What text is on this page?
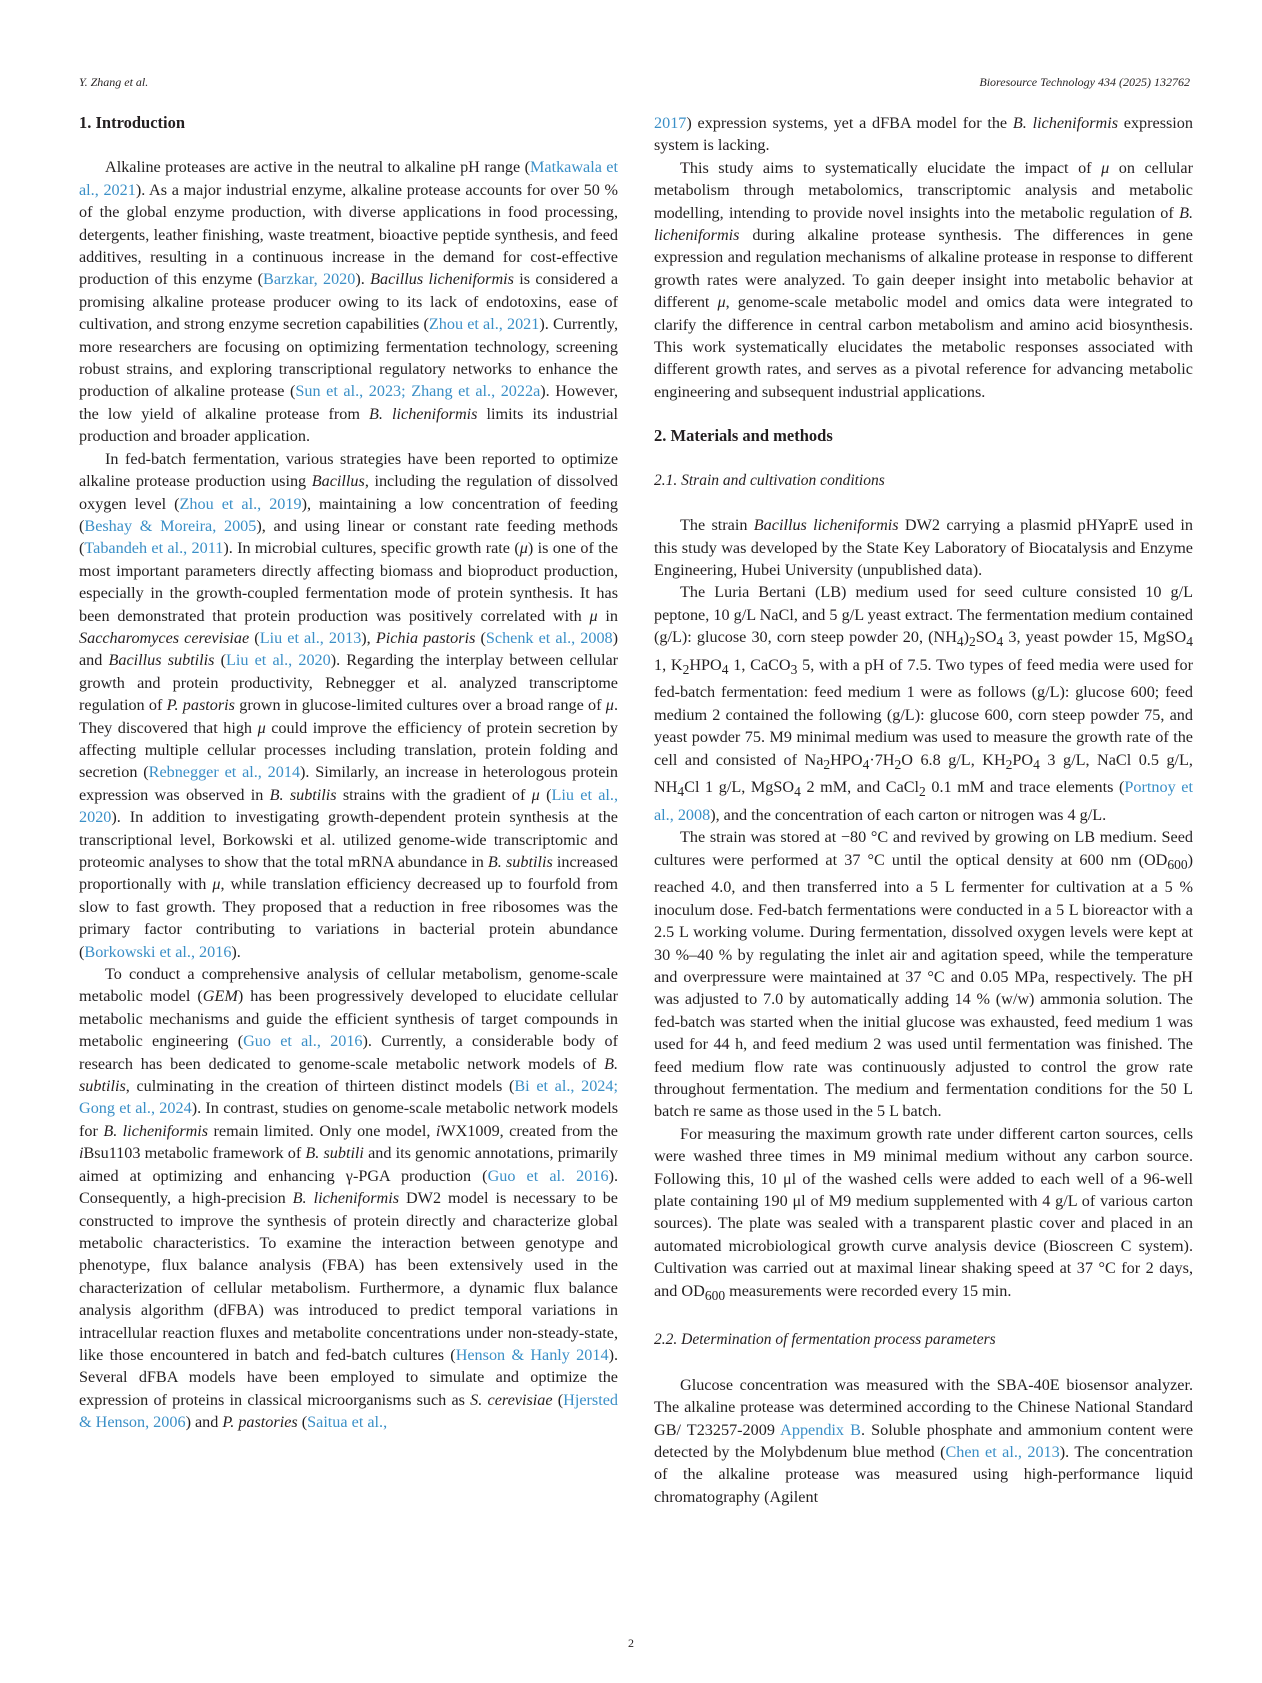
Y. Zhang et al.	Bioresource Technology 434 (2025) 132762
1. Introduction

Alkaline proteases are active in the neutral to alkaline pH range (Matkawala et al., 2021). As a major industrial enzyme, alkaline protease accounts for over 50 % of the global enzyme production, with diverse applications in food processing, detergents, leather finishing, waste treatment, bioactive peptide synthesis, and feed additives, resulting in a continuous increase in the demand for cost-effective production of this enzyme (Barzkar, 2020). Bacillus licheniformis is considered a promising alkaline protease producer owing to its lack of endotoxins, ease of cultivation, and strong enzyme secretion capabilities (Zhou et al., 2021). Currently, more researchers are focusing on optimizing fermentation technology, screening robust strains, and exploring transcriptional regulatory networks to enhance the production of alkaline protease (Sun et al., 2023; Zhang et al., 2022a). However, the low yield of alkaline protease from B. licheniformis limits its industrial production and broader application.

In fed-batch fermentation, various strategies have been reported to optimize alkaline protease production using Bacillus, including the regulation of dissolved oxygen level (Zhou et al., 2019), maintaining a low concentration of feeding (Beshay & Moreira, 2005), and using linear or constant rate feeding methods (Tabandeh et al., 2011). In microbial cultures, specific growth rate (μ) is one of the most important parameters directly affecting biomass and bioproduct production, especially in the growth-coupled fermentation mode of protein synthesis. It has been demonstrated that protein production was positively correlated with μ in Saccharomyces cerevisiae (Liu et al., 2013), Pichia pastoris (Schenk et al., 2008) and Bacillus subtilis (Liu et al., 2020). Regarding the interplay between cellular growth and protein productivity, Rebnegger et al. analyzed transcriptome regulation of P. pastoris grown in glucose-limited cultures over a broad range of μ. They discovered that high μ could improve the efficiency of protein secretion by affecting multiple cellular processes including translation, protein folding and secretion (Rebnegger et al., 2014). Similarly, an increase in heterologous protein expression was observed in B. subtilis strains with the gradient of μ (Liu et al., 2020). In addition to investigating growth-dependent protein synthesis at the transcriptional level, Borkowski et al. utilized genome-wide transcriptomic and proteomic analyses to show that the total mRNA abundance in B. subtilis increased proportionally with μ, while translation efficiency decreased up to fourfold from slow to fast growth. They proposed that a reduction in free ribosomes was the primary factor contributing to variations in bacterial protein abundance (Borkowski et al., 2016).

To conduct a comprehensive analysis of cellular metabolism, genome-scale metabolic model (GEM) has been progressively developed to elucidate cellular metabolic mechanisms and guide the efficient synthesis of target compounds in metabolic engineering (Guo et al., 2016). Currently, a considerable body of research has been dedicated to genome-scale metabolic network models of B. subtilis, culminating in the creation of thirteen distinct models (Bi et al., 2024; Gong et al., 2024). In contrast, studies on genome-scale metabolic network models for B. licheniformis remain limited. Only one model, iWX1009, created from the iBsu1103 metabolic framework of B. subtili and its genomic annotations, primarily aimed at optimizing and enhancing γ-PGA production (Guo et al. 2016). Consequently, a high-precision B. licheniformis DW2 model is necessary to be constructed to improve the synthesis of protein directly and characterize global metabolic characteristics. To examine the interaction between genotype and phenotype, flux balance analysis (FBA) has been extensively used in the characterization of cellular metabolism. Furthermore, a dynamic flux balance analysis algorithm (dFBA) was introduced to predict temporal variations in intracellular reaction fluxes and metabolite concentrations under non-steady-state, like those encountered in batch and fed-batch cultures (Henson & Hanly 2014). Several dFBA models have been employed to simulate and optimize the expression of proteins in classical microorganisms such as S. cerevisiae (Hjersted & Henson, 2006) and P. pastories (Saitua et al.,

2017) expression systems, yet a dFBA model for the B. licheniformis expression system is lacking.

This study aims to systematically elucidate the impact of μ on cellular metabolism through metabolomics, transcriptomic analysis and metabolic modelling, intending to provide novel insights into the metabolic regulation of B. licheniformis during alkaline protease synthesis. The differences in gene expression and regulation mechanisms of alkaline protease in response to different growth rates were analyzed. To gain deeper insight into metabolic behavior at different μ, genome-scale metabolic model and omics data were integrated to clarify the difference in central carbon metabolism and amino acid biosynthesis. This work systematically elucidates the metabolic responses associated with different growth rates, and serves as a pivotal reference for advancing metabolic engineering and subsequent industrial applications.

2. Materials and methods
2.1. Strain and cultivation conditions

The strain Bacillus licheniformis DW2 carrying a plasmid pHYaprE used in this study was developed by the State Key Laboratory of Biocatalysis and Enzyme Engineering, Hubei University (unpublished data).

The Luria Bertani (LB) medium used for seed culture consisted 10 g/L peptone, 10 g/L NaCl, and 5 g/L yeast extract. The fermentation medium contained (g/L): glucose 30, corn steep powder 20, $(NH_4)_2SO_4$ 3, yeast powder 15, MgSO$_4$ 1, $K_2HPO_4$ 1, CaCO$_3$ 5, with a pH of 7.5. Two types of feed media were used for fed-batch fermentation: feed medium 1 were as follows (g/L): glucose 600; feed medium 2 contained the following (g/L): glucose 600, corn steep powder 75, and yeast powder 75. M9 minimal medium was used to measure the growth rate of the cell and consisted of $Na_2HPO_4\cdot 7H_2O$ 6.8 g/L, $KH_2PO_4$ 3 g/L, NaCl 0.5 g/L, $NH_4Cl$ 1 g/L, MgSO$_4$ 2 mM, and CaCl$_2$ 0.1 mM and trace elements (Portnoy et al., 2008), and the concentration of each carton or nitrogen was 4 g/L.

The strain was stored at −80 °C and revived by growing on LB medium. Seed cultures were performed at 37 °C until the optical density at 600 nm $(OD_{600})$ reached 4.0, and then transferred into a 5 L fermenter for cultivation at a 5 % inoculum dose. Fed-batch fermentations were conducted in a 5 L bioreactor with a 2.5 L working volume. During fermentation, dissolved oxygen levels were kept at 30 %–40 % by regulating the inlet air and agitation speed, while the temperature and overpressure were maintained at 37 °C and 0.05 MPa, respectively. The pH was adjusted to 7.0 by automatically adding 14 % (w/w) ammonia solution. The fed-batch was started when the initial glucose was exhausted, feed medium 1 was used for 44 h, and feed medium 2 was used until fermentation was finished. The feed medium flow rate was continuously adjusted to control the grow rate throughout fermentation. The medium and fermentation conditions for the 50 L batch re same as those used in the 5 L batch.

For measuring the maximum growth rate under different carton sources, cells were washed three times in M9 minimal medium without any carbon source. Following this, 10 μl of the washed cells were added to each well of a 96-well plate containing 190 μl of M9 medium supplemented with 4 g/L of various carton sources). The plate was sealed with a transparent plastic cover and placed in an automated microbiological growth curve analysis device (Bioscreen C system). Cultivation was carried out at maximal linear shaking speed at 37 °C for 2 days, and $OD_{600}$ measurements were recorded every 15 min.

2.2. Determination of fermentation process parameters

Glucose concentration was measured with the SBA-40E biosensor analyzer. The alkaline protease was determined according to the Chinese National Standard GB/ T23257-2009 Appendix B. Soluble phosphate and ammonium content were detected by the Molybdenum blue method (Chen et al., 2013). The concentration of the alkaline protease was measured using high-performance liquid chromatography (Agilent

2
